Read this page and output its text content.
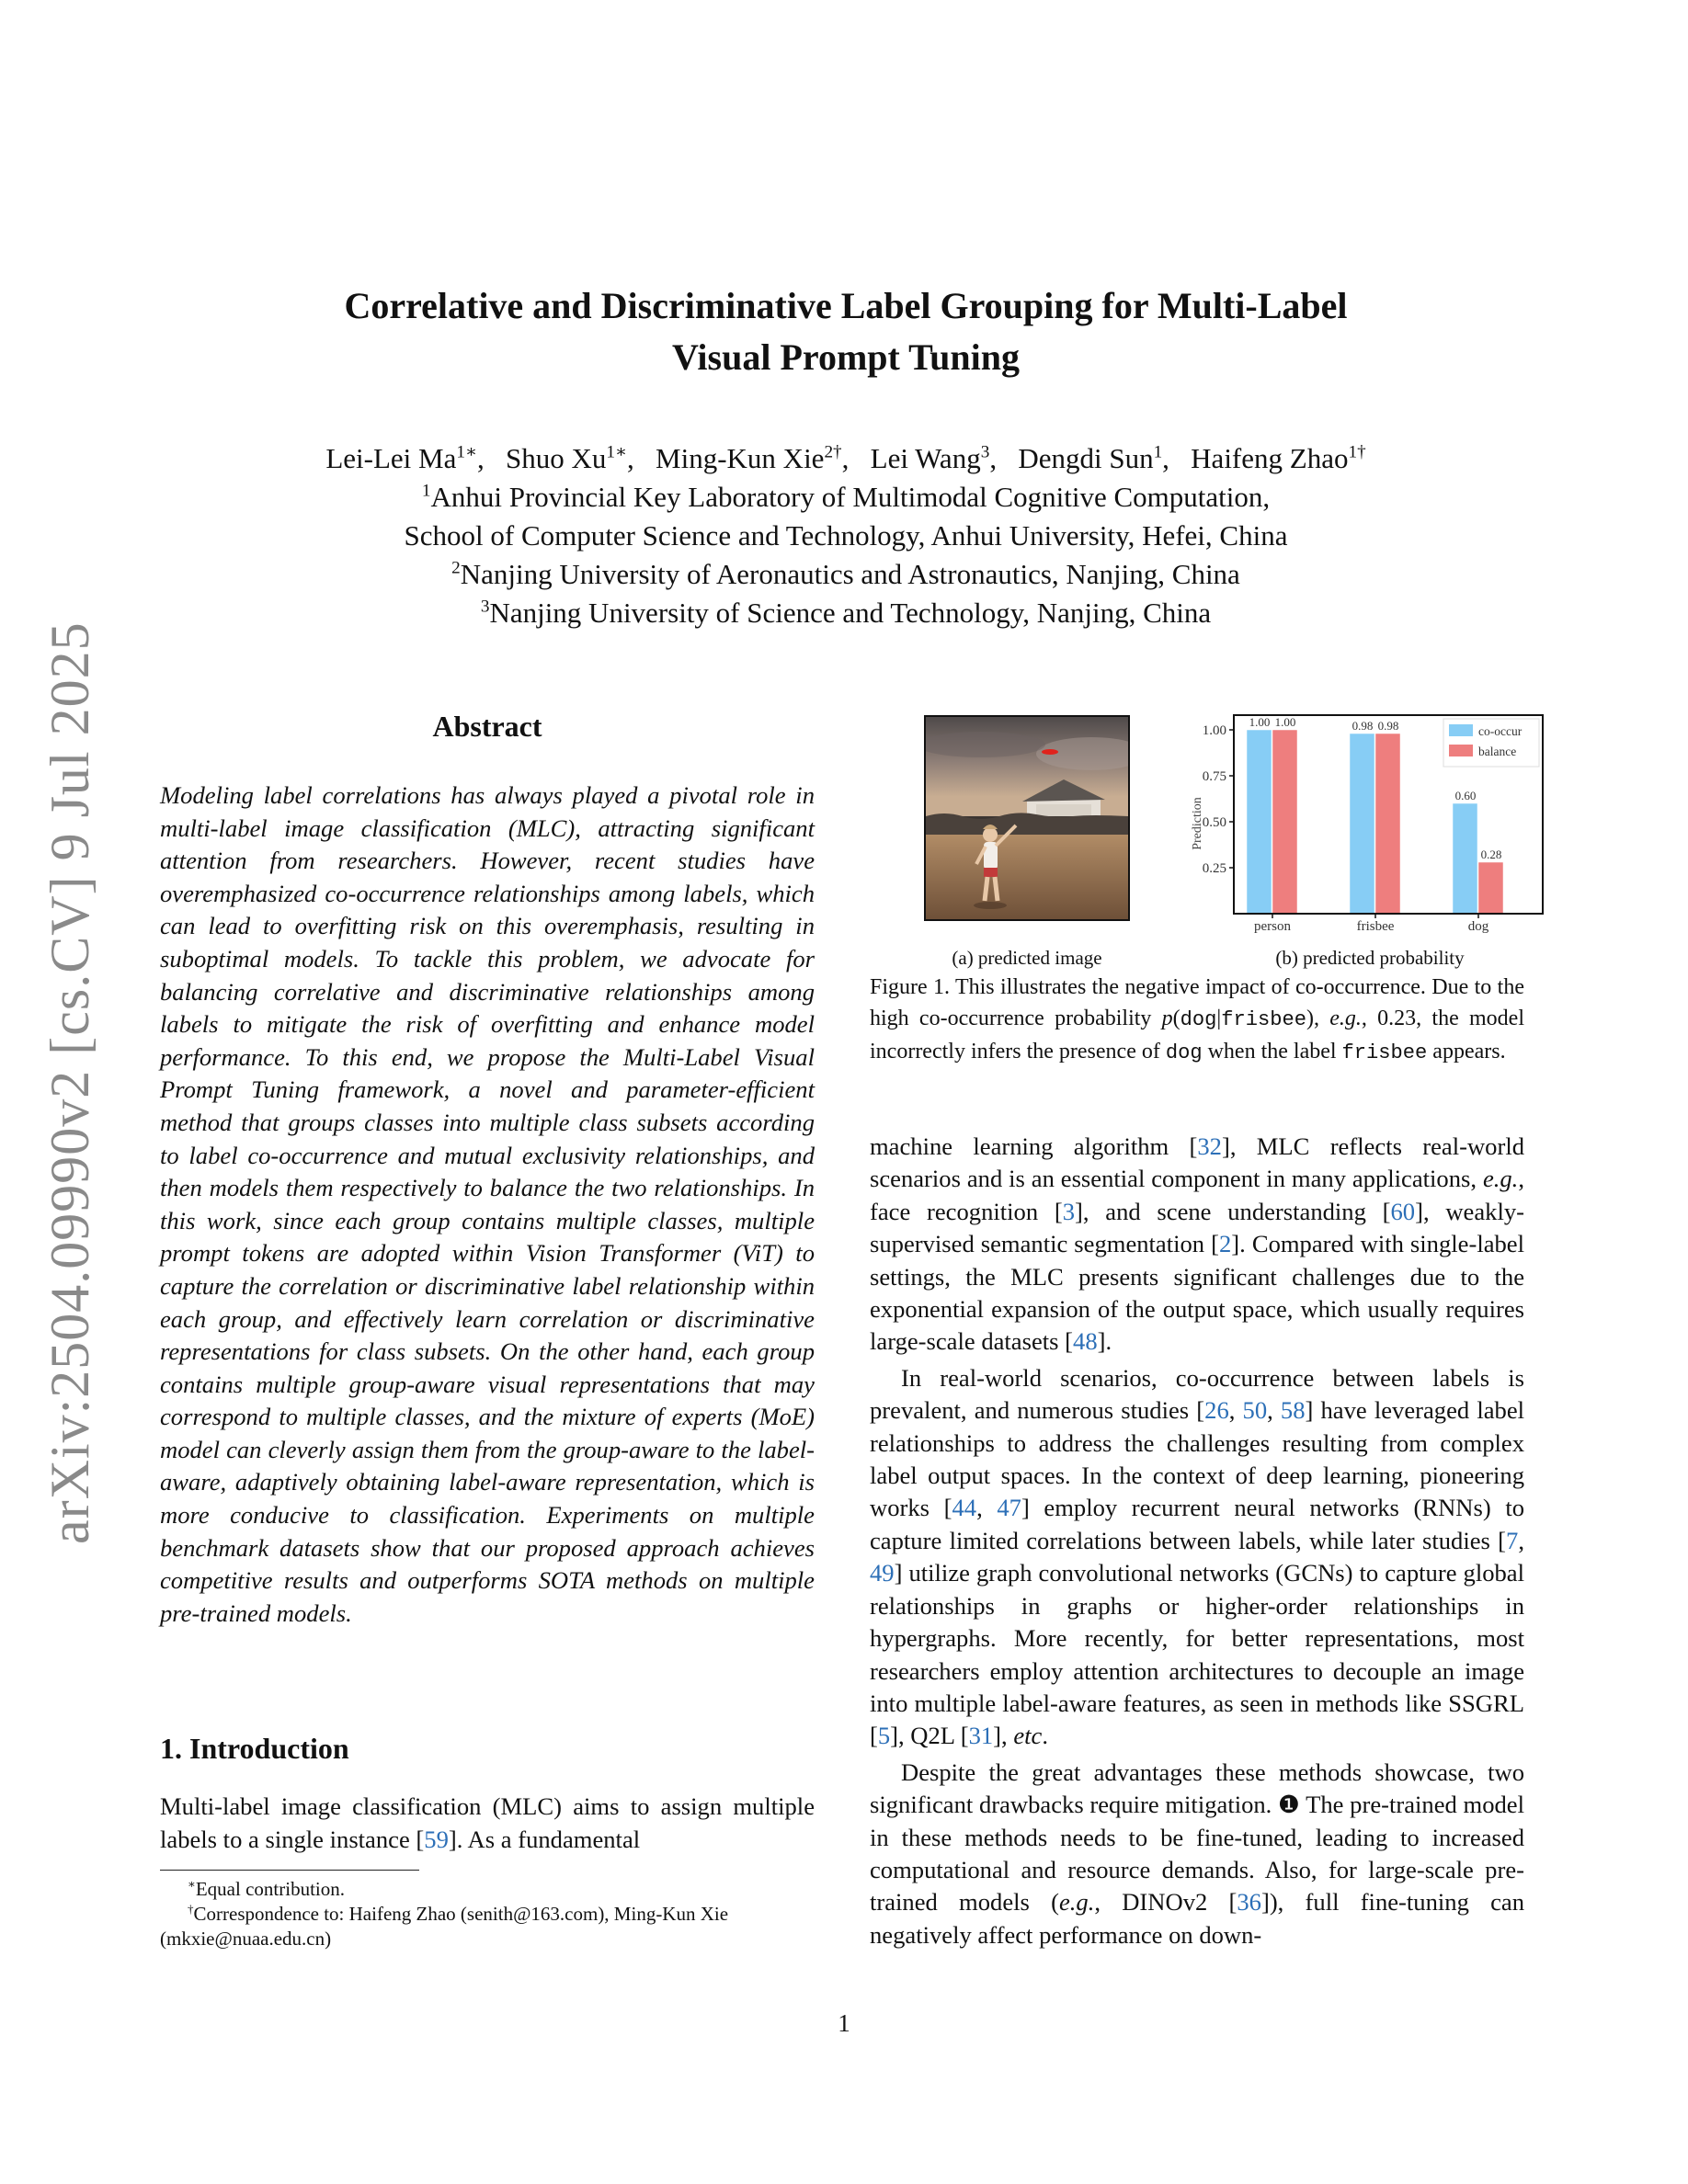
arXiv:2504.09990v2 [cs.CV] 9 Jul 2025
Correlative and Discriminative Label Grouping for Multi-Label
Visual Prompt Tuning
Lei-Lei $Ma^{1∗}$,  Shuo $Xu^{1∗}$,  Ming-Kun Xie$^{2\dagger}$,  Lei Wang$^3$,  Dengdi Sun$^1$,  Haifeng Zhao$^{1\dagger}$
$^1$Anhui Provincial Key Laboratory of Multimodal Cognitive Computation,
School of Computer Science and Technology, Anhui University, Hefei, China
$^2$Nanjing University of Aeronautics and Astronautics, Nanjing, China
$^3$Nanjing University of Science and Technology, Nanjing, China
Abstract

Modeling label correlations has always played a pivotal role in multi-label image classification (MLC), attracting significant attention from researchers. However, recent studies have overemphasized co-occurrence relationships among labels, which can lead to overfitting risk on this overemphasis, resulting in suboptimal models. To tackle this problem, we advocate for balancing correlative and discriminative relationships among labels to mitigate the risk of overfitting and enhance model performance. To this end, we propose the Multi-Label Visual Prompt Tuning framework, a novel and parameter-efficient method that groups classes into multiple class subsets according to label co-occurrence and mutual exclusivity relationships, and then models them respectively to balance the two relationships. In this work, since each group contains multiple classes, multiple prompt tokens are adopted within Vision Transformer (ViT) to capture the correlation or discriminative label relationship within each group, and effectively learn correlation or discriminative representations for class subsets. On the other hand, each group contains multiple group-aware visual representations that may correspond to multiple classes, and the mixture of experts (MoE) model can cleverly assign them from the group-aware to the label-aware, adaptively obtaining label-aware representation, which is more conducive to classification. Experiments on multiple benchmark datasets show that our proposed approach achieves competitive results and outperforms SOTA methods on multiple pre-trained models.

1. Introduction

Multi-label image classification (MLC) aims to assign multiple labels to a single instance [59]. As a fundamental

∗Equal contribution.

†Correspondence to: Haifeng Zhao (senith@163.com), Ming-Kun Xie (mkxie@nuaa.edu.cn)

0.25
0.50
0.75
1.00
person	frisbee	dog
1.00 1.00	0.98 0.98
0.60
0.28
co-occur
balance
Prediction
(a) predicted image	(b) predicted probability
Figure 1. This illustrates the negative impact of co-occurrence. Due to the high co-occurrence probability p(dog|frisbee), e.g., 0.23, the model incorrectly infers the presence of dog when the label frisbee appears.

machine learning algorithm [32], MLC reflects real-world scenarios and is an essential component in many applications, e.g., face recognition [3], and scene understanding [60], weakly-supervised semantic segmentation [2]. Compared with single-label settings, the MLC presents significant challenges due to the exponential expansion of the output space, which usually requires large-scale datasets [48].

In real-world scenarios, co-occurrence between labels is prevalent, and numerous studies [26, 50, 58] have leveraged label relationships to address the challenges resulting from complex label output spaces. In the context of deep learning, pioneering works [44, 47] employ recurrent neural networks (RNNs) to capture limited correlations between labels, while later studies [7, 49] utilize graph convolutional networks (GCNs) to capture global relationships in graphs or higher-order relationships in hypergraphs. More recently, for better representations, most researchers employ attention architectures to decouple an image into multiple label-aware features, as seen in methods like SSGRL [5], Q2L [31], etc.

Despite the great advantages these methods showcase, two significant drawbacks require mitigation. ❶ The pre-trained model in these methods needs to be fine-tuned, leading to increased computational and resource demands. Also, for large-scale pre-trained models (e.g., DINOv2 [36]), full fine-tuning can negatively affect performance on down-

1
